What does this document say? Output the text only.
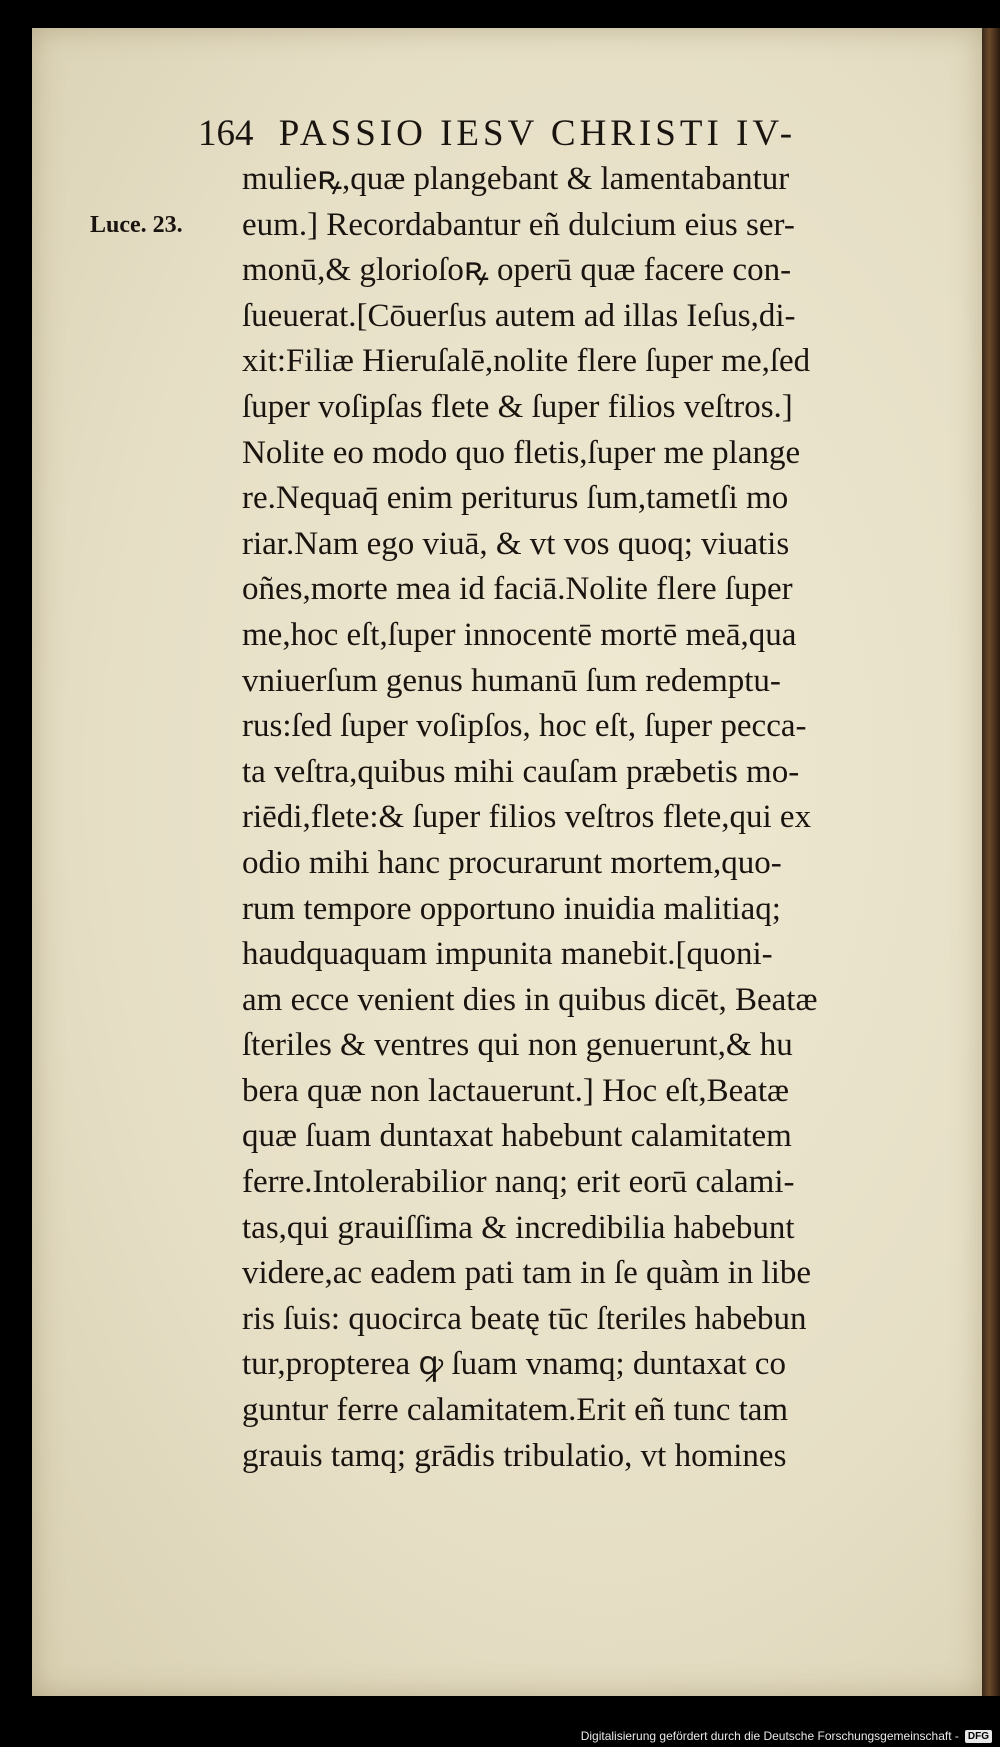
164 PASSIO IESV CHRISTI IV-
Luce. 23.
mulieꝶ,quæ plangebant & lamentabantur
eum.] Recordabantur eñ dulcium eius ser-
monū,& glorioſoꝶ operū quæ facere con-
ſueuerat.[Cōuerſus autem ad illas Ieſus,di-
xit:Filiæ Hieruſalē,nolite flere ſuper me,ſed
ſuper voſipſas flete & ſuper filios veſtros.]
Nolite eo modo quo fletis,ſuper me plange
re.Nequaq̄ enim periturus ſum,tametſi mo
riar.Nam ego viuā, & vt vos quoq; viuatis
oñes,morte mea id faciā.Nolite flere ſuper
me,hoc eſt,ſuper innocentē mortē meā,qua
vniuerſum genus humanū ſum redemptu-
rus:ſed ſuper voſipſos, hoc eſt, ſuper pecca-
ta veſtra,quibus mihi cauſam præbetis mo-
riēdi,flete:& ſuper filios veſtros flete,qui ex
odio mihi hanc procurarunt mortem,quo-
rum tempore opportuno inuidia malitiaq;
haudquaquam impunita manebit.[quoni-
am ecce venient dies in quibus dicēt, Beatæ
ſteriles & ventres qui non genuerunt,& hu
bera quæ non lactauerunt.] Hoc eſt,Beatæ
quæ ſuam duntaxat habebunt calamitatem
ferre.Intolerabilior nanq; erit eorū calami-
tas,qui grauiſſima & incredibilia habebunt
videre,ac eadem pati tam in ſe quàm in libe
ris ſuis: quocirca beatę tūc ſteriles habebun
tur,propterea ꝙ ſuam vnamq; duntaxat co
guntur ferre calamitatem.Erit eñ tunc tam
grauis tamq; grādis tribulatio, vt homines
Digitalisierung gefördert durch die Deutsche Forschungsgemeinschaft - DFG
